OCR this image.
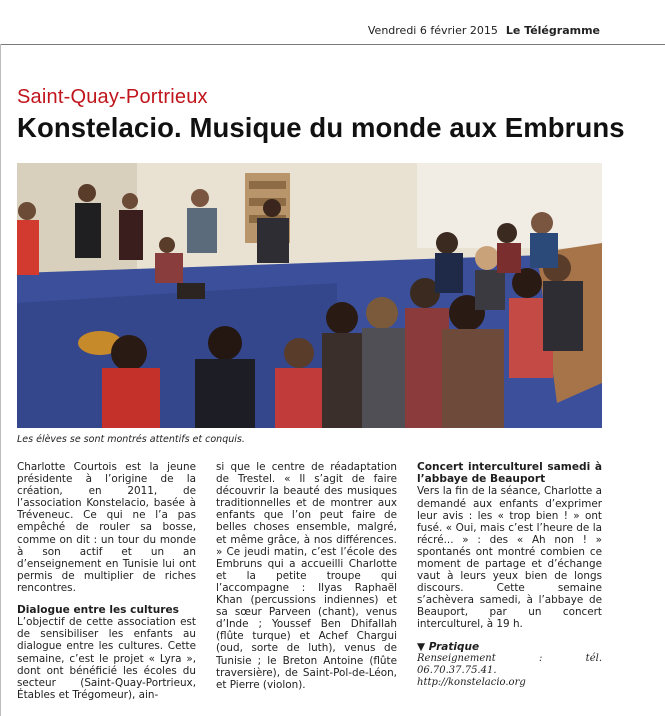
Vendredi 6 février 2015 Le Télégramme
Saint-Quay-Portrieux
Konstelacio. Musique du monde aux Embruns
Les élèves se sont montrés attentifs et conquis.

Charlotte Courtois est la jeune présidente à l’origine de la création, en 2011, de l’association Konstelacio, basée à Tréveneuc. Ce qui ne l’a pas empêché de rouler sa bosse, comme on dit : un tour du monde à son actif et un an d’enseignement en Tunisie lui ont permis de multiplier de riches rencontres.

Dialogue entre les cultures

L’objectif de cette association est de sensibiliser les enfants au dialogue entre les cultures. Cette semaine, c’est le projet « Lyra », dont ont bénéficié les écoles du secteur (Saint-Quay-Portrieux, Étables et Trégomeur), ain-

si que le centre de réadaptation de Trestel. « Il s’agit de faire découvrir la beauté des musiques traditionnelles et de montrer aux enfants que l’on peut faire de belles choses ensemble, malgré, et même grâce, à nos différences. » Ce jeudi matin, c’est l’école des Embruns qui a accueilli Charlotte et la petite troupe qui l’accompagne : Ilyas Raphaël Khan (percussions indiennes) et sa sœur Parveen (chant), venus d’Inde ; Youssef Ben Dhifallah (flûte turque) et Achef Chargui (oud, sorte de luth), venus de Tunisie ; le Breton Antoine (flûte traversière), de Saint-Pol-de-Léon, et Pierre (violon).

Concert interculturel samedi à l’abbaye de Beauport

Vers la fin de la séance, Charlotte a demandé aux enfants d’exprimer leur avis : les « trop bien ! » ont fusé. « Oui, mais c’est l’heure de la récré... » : des « Ah non ! » spontanés ont montré combien ce moment de partage et d’échange vaut à leurs yeux bien de longs discours. Cette semaine s’achèvera samedi, à l’abbaye de Beauport, par un concert interculturel, à 19 h.

▼ Pratique
Renseignement : tél. 06.70.37.75.41.
http://konstelacio.org
